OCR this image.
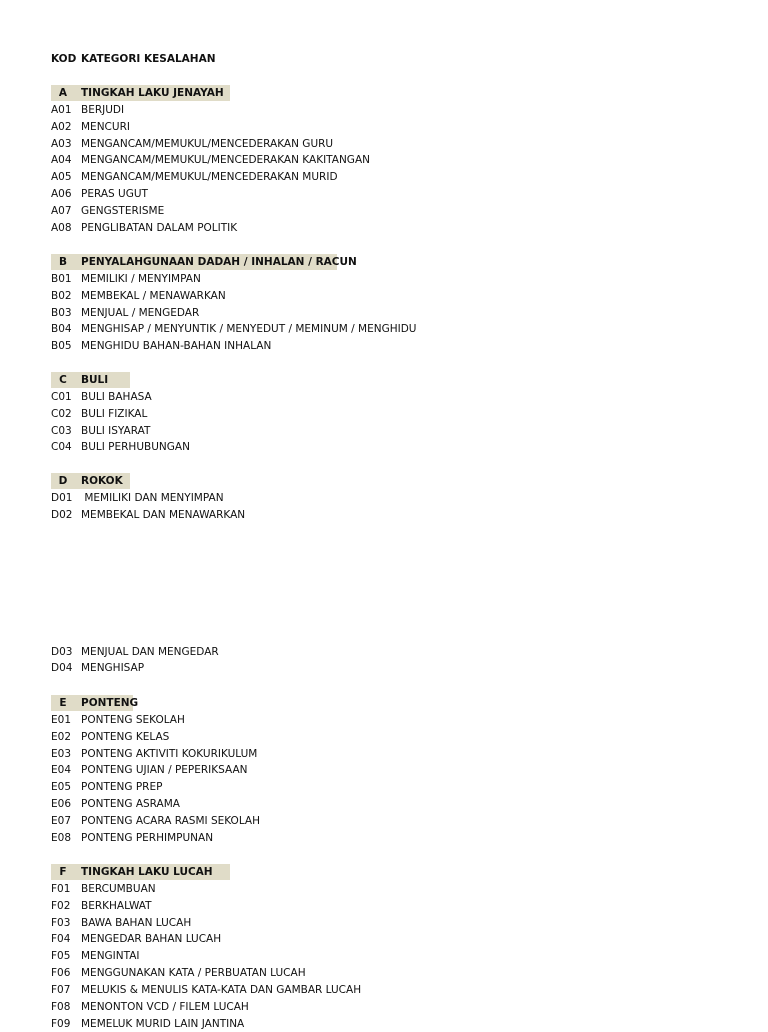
KOD KATEGORI KESALAHAN
A	TINGKAH LAKU JENAYAH
A01 BERJUDI
A02 MENCURI
A03 MENGANCAM/MEMUKUL/MENCEDERAKAN GURU
A04 MENGANCAM/MEMUKUL/MENCEDERAKAN KAKITANGAN
A05 MENGANCAM/MEMUKUL/MENCEDERAKAN MURID
A06 PERAS UGUT
A07 GENGSTERISME
A08 PENGLIBATAN DALAM POLITIK
B	PENYALAHGUNAAN DADAH / INHALAN / RACUN
B01 MEMILIKI / MENYIMPAN
B02 MEMBEKAL / MENAWARKAN
B03 MENJUAL / MENGEDAR
B04 MENGHISAP / MENYUNTIK / MENYEDUT / MEMINUM / MENGHIDU
B05 MENGHIDU BAHAN-BAHAN INHALAN
C	BULI
C01 BULI BAHASA
C02 BULI FIZIKAL
C03 BULI ISYARAT
C04 BULI PERHUBUNGAN
D	ROKOK
D01 MEMILIKI DAN MENYIMPAN
D02 MEMBEKAL DAN MENAWARKAN
D03 MENJUAL DAN MENGEDAR
D04 MENGHISAP
E	PONTENG
E01 PONTENG SEKOLAH
E02 PONTENG KELAS
E03 PONTENG AKTIVITI KOKURIKULUM
E04 PONTENG UJIAN / PEPERIKSAAN
E05 PONTENG PREP
E06 PONTENG ASRAMA
E07 PONTENG ACARA RASMI SEKOLAH
E08 PONTENG PERHIMPUNAN
F	TINGKAH LAKU LUCAH
F01	BERCUMBUAN
F02	BERKHALWAT
F03	BAWA BAHAN LUCAH
F04	MENGEDAR BAHAN LUCAH
F05	MENGINTAI
F06	MENGGUNAKAN KATA / PERBUATAN LUCAH
F07	MELUKIS & MENULIS KATA-KATA DAN GAMBAR LUCAH
F08	MENONTON VCD / FILEM LUCAH
F09	MEMELUK MURID LAIN JANTINA
